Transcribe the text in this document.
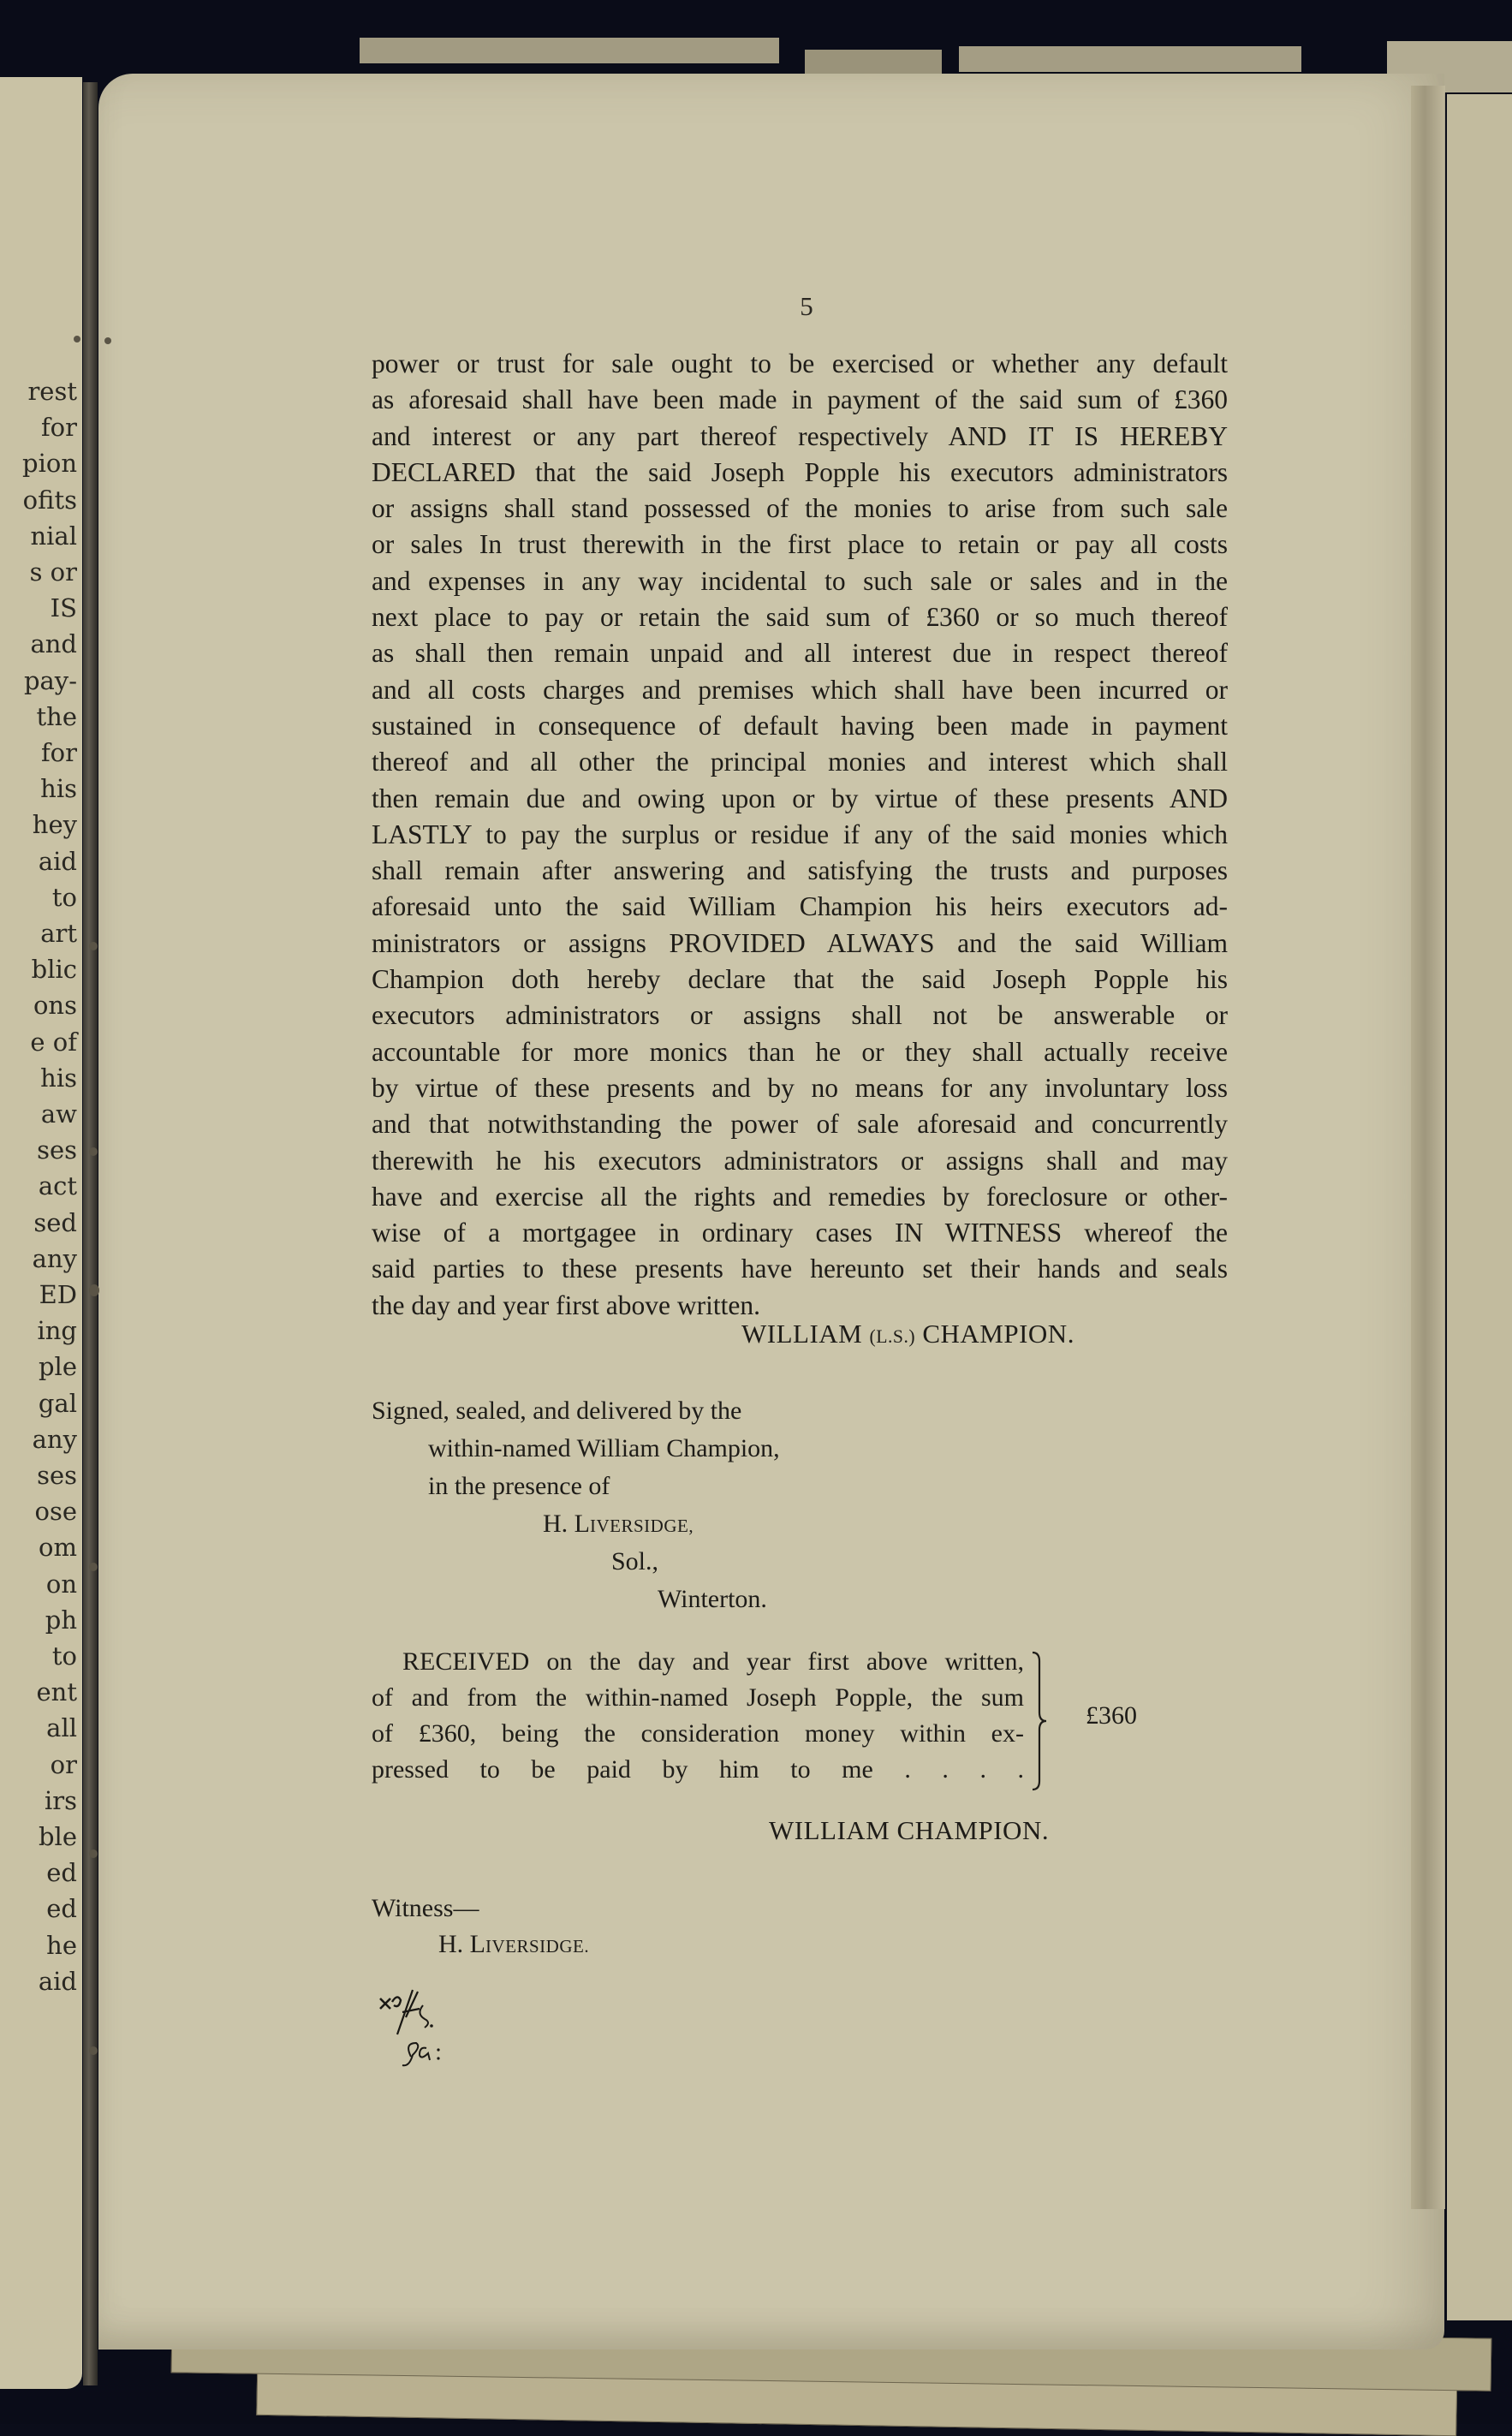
rest
for
pion
ofits
nial
s or
IS
and
pay-
the
for
his
hey
aid
to
art
blic
ons
e of
his
aw
ses
act
sed
any
ED
ing
ple
gal
any
ses
ose
om
on
ph
to
ent
all
or
irs
ble
ed
ed
he
aid
5
power or trust for sale ought to be exercised or whether any default
as aforesaid shall have been made in payment of the said sum of £360
and interest or any part thereof respectively AND IT IS HEREBY
DECLARED that the said Joseph Popple his executors administrators
or assigns shall stand possessed of the monies to arise from such sale
or sales In trust therewith in the first place to retain or pay all costs
and expenses in any way incidental to such sale or sales and in the
next place to pay or retain the said sum of £360 or so much thereof
as shall then remain unpaid and all interest due in respect thereof
and all costs charges and premises which shall have been incurred or
sustained in consequence of default having been made in payment
thereof and all other the principal monies and interest which shall
then remain due and owing upon or by virtue of these presents AND
LASTLY to pay the surplus or residue if any of the said monies which
shall remain after answering and satisfying the trusts and purposes
aforesaid unto the said William Champion his heirs executors ad-
ministrators or assigns PROVIDED ALWAYS and the said William
Champion doth hereby declare that the said Joseph Popple his
executors administrators or assigns shall not be answerable or
accountable for more monics than he or they shall actually receive
by virtue of these presents and by no means for any involuntary loss
and that notwithstanding the power of sale aforesaid and concurrently
therewith he his executors administrators or assigns shall and may
have and exercise all the rights and remedies by foreclosure or other-
wise of a mortgagee in ordinary cases IN WITNESS whereof the
said parties to these presents have hereunto set their hands and seals
the day and year first above written.
WILLIAM (L.S.) CHAMPION.
Signed, sealed, and delivered by the
within-named William Champion,
in the presence of
H. LIVERSIDGE,
Sol.,
Winterton.
RECEIVED on the day and year first above written,
of and from the within-named Joseph Popple, the sum
of £360, being the consideration money within ex-
pressed to be paid by him to me . . . .
£360
WILLIAM CHAMPION.
Witness—
H. LIVERSIDGE.
